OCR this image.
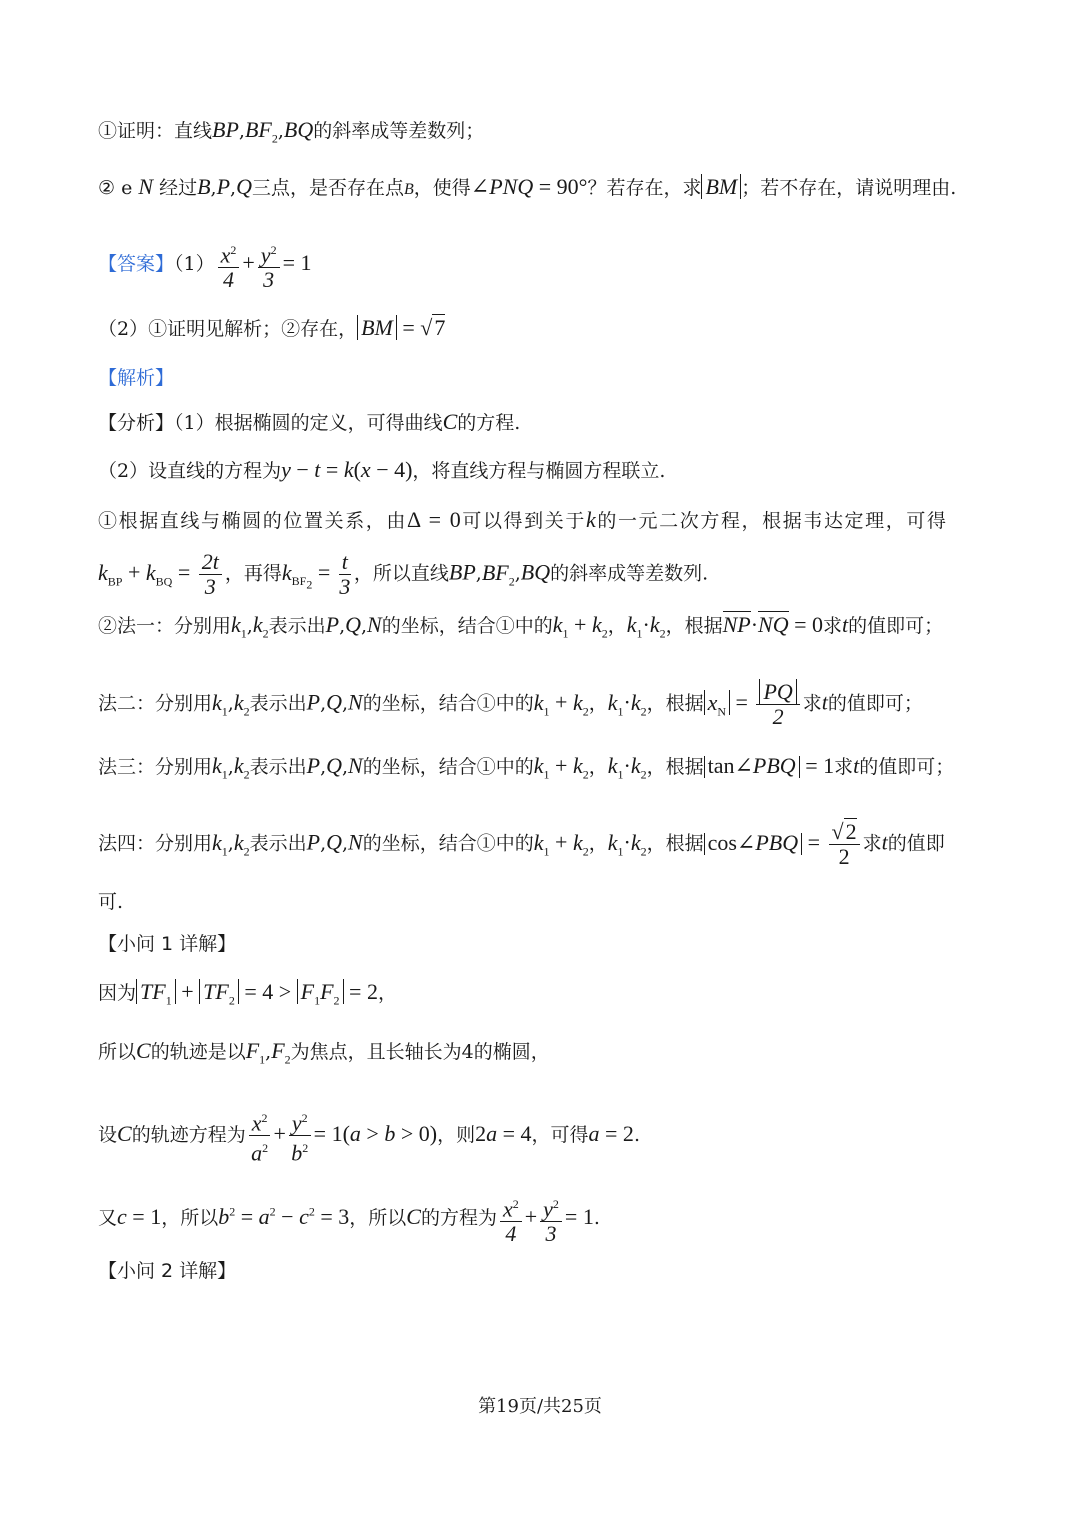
①证明：直线$BP,BF_2,BQ$的斜率成等差数列；
② e N 经过B,P,Q三点，是否存在点B，使得∠PNQ = 90°？若存在，求 BM ；若不存在，请说明理由.
【答案】$(1) \frac{x^2}{4} + \frac{y^2}{3} = 1$
（2）①证明见解析；②存在， BM = √7
【解析】
【分析】（1）根据椭圆的定义，可得曲线C的方程.
（2）设直线的方程为y − t = k(x − 4)，将直线方程与椭圆方程联立.
①根据直线与椭圆的位置关系，由Δ = 0可以得到关于k的一元二次方程，根据韦达定理，可得
$k_{BP} + k_{BQ} = \frac{2t}{3}$ ，再得$k_{BF_2} = \frac{t}{3}$ ，所以直线$BP,BF_2,BQ$的斜率成等差数列.
②法一：分别用$k_1,k_2$表示出P,Q,N的坐标，结合①中的$k_1 + k_2$，$k_1\cdot k_2$，根据NP·NQ = 0求t的值即可；
法二：分别用$k_1,k_2$表示出P,Q,N的坐标，结合①中的$k_1 + k_2$，$k_1\cdot k_2$，根据 $x_N = \frac{PQ}{2}$ 求t的值即可；
法三：分别用$k_1,k_2$表示出P,Q,N的坐标，结合①中的$k_1 + k_2$，$k_1\cdot k_2$，根据 tan∠PBQ = 1求t的值即可；
法四：分别用$k_1,k_2$表示出P,Q,N的坐标，结合①中的$k_1 + k_2$，$k_1\cdot k_2$，根据 cos∠PBQ = $\frac{√2}{2}$ 求t的值即
可.
【小问 1 详解】
因为 $TF_1 + TF_2 = 4 > F_1F_2 = 2$，
所以C的轨迹是以$F_1,F_2$为焦点，且长轴长为4的椭圆，
设C的轨迹方程为 $\frac{x^2}{a^2} + \frac{y^2}{b^2} = 1(a > b > 0)$，则2a = 4，可得a = 2.
又c = 1，所以$b^2 = a^2 - c^2 = 3$，所以C的方程为 $\frac{x^2}{4} + \frac{y^2}{3} = 1$.
【小问 2 详解】
第19页/共25页
